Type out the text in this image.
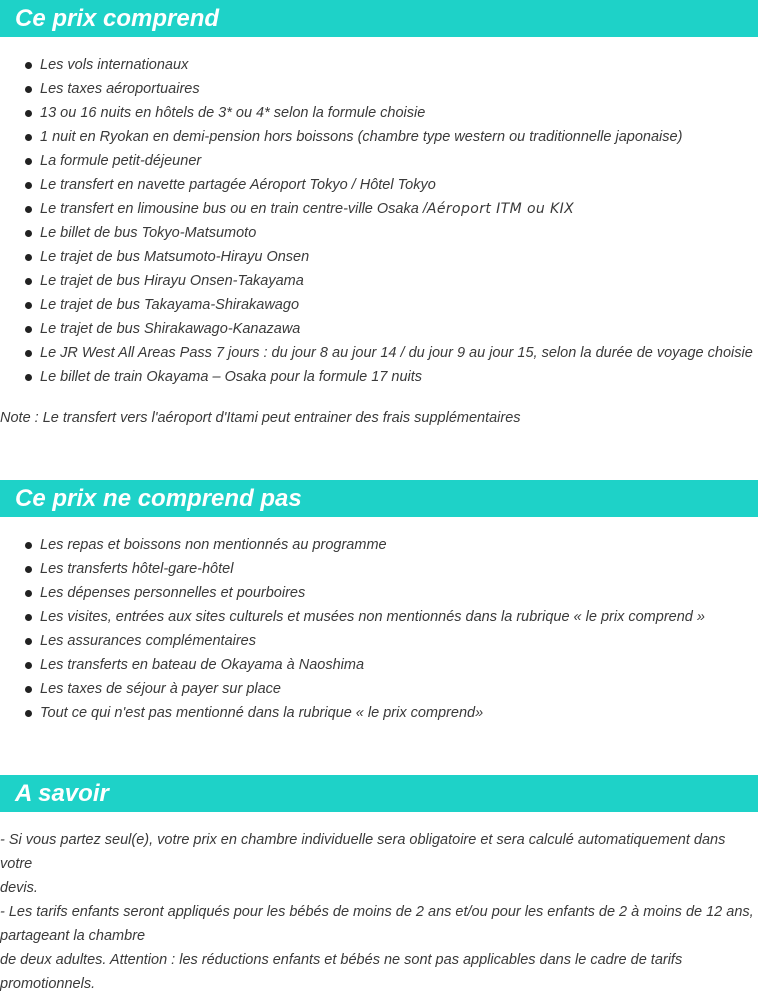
Ce prix comprend
Les vols internationaux
Les taxes aéroportuaires
13 ou 16 nuits en hôtels de 3* ou 4* selon la formule choisie
1 nuit en Ryokan en demi-pension hors boissons (chambre type western ou traditionnelle japonaise)
La formule petit-déjeuner
Le transfert en navette partagée Aéroport Tokyo / Hôtel Tokyo
Le transfert en limousine bus ou en train centre-ville Osaka /Aéroport ITM ou KIX
Le billet de bus Tokyo-Matsumoto
Le trajet de bus Matsumoto-Hirayu Onsen
Le trajet de bus Hirayu Onsen-Takayama
Le trajet de bus Takayama-Shirakawago
Le trajet de bus Shirakawago-Kanazawa
Le JR West All Areas Pass 7 jours : du jour 8 au jour 14 / du jour 9 au jour 15, selon la durée de voyage choisie
Le billet de train Okayama – Osaka pour la formule 17 nuits
Note : Le transfert vers l'aéroport d'Itami peut entrainer des frais supplémentaires
Ce prix ne comprend pas
Les repas et boissons non mentionnés au programme
Les transferts hôtel-gare-hôtel
Les dépenses personnelles et pourboires
Les visites, entrées aux sites culturels et musées non mentionnés dans la rubrique « le prix comprend »
Les assurances complémentaires
Les transferts en bateau de Okayama à Naoshima
Les taxes de séjour à payer sur place
Tout ce qui n'est pas mentionné dans la rubrique « le prix comprend»
A savoir
- Si vous partez seul(e), votre prix en chambre individuelle sera obligatoire et sera calculé automatiquement dans votre
devis.
- Les tarifs enfants seront appliqués pour les bébés de moins de 2 ans et/ou pour les enfants de 2 à moins de 12 ans,
partageant la chambre
de deux adultes. Attention : les réductions enfants et bébés ne sont pas applicables dans le cadre de tarifs promotionnels.
